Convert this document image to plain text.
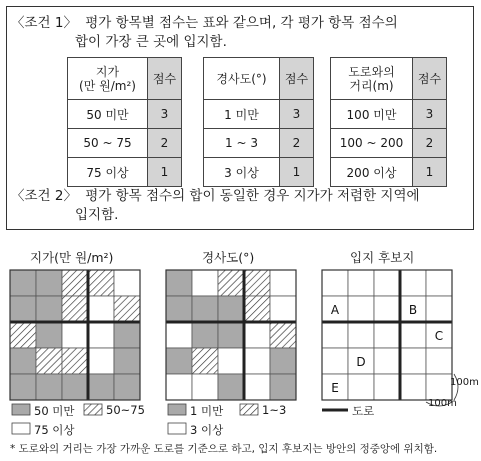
〈조건 1〉 평가 항목별 점수는 표와 같으며, 각 평가 항목 점수의
합이 가장 큰 곳에 입지함.
지가
(만 원/m²)	점수
50 미만	3
50 ~ 75	2
75 이상	1
경사도(°)	점수
1 미만	3
1 ~ 3	2
3 이상	1
도로와의
거리(m)	점수
100 미만	3
100 ~ 200	2
200 이상	1
〈조건 2〉 평가 항목 점수의 합이 동일한 경우 지가가 저렴한 지역에
입지함.
지가(만 원/m²)	경사도(°)	입지 후보지
A	B
C
D
E
50 미만	50~75
75 이상
1 미만	1~3
3 이상
도로
100m
100m
* 도로와의 거리는 가장 가까운 도로를 기준으로 하고, 입지 후보지는 방안의 정중앙에 위치함.
